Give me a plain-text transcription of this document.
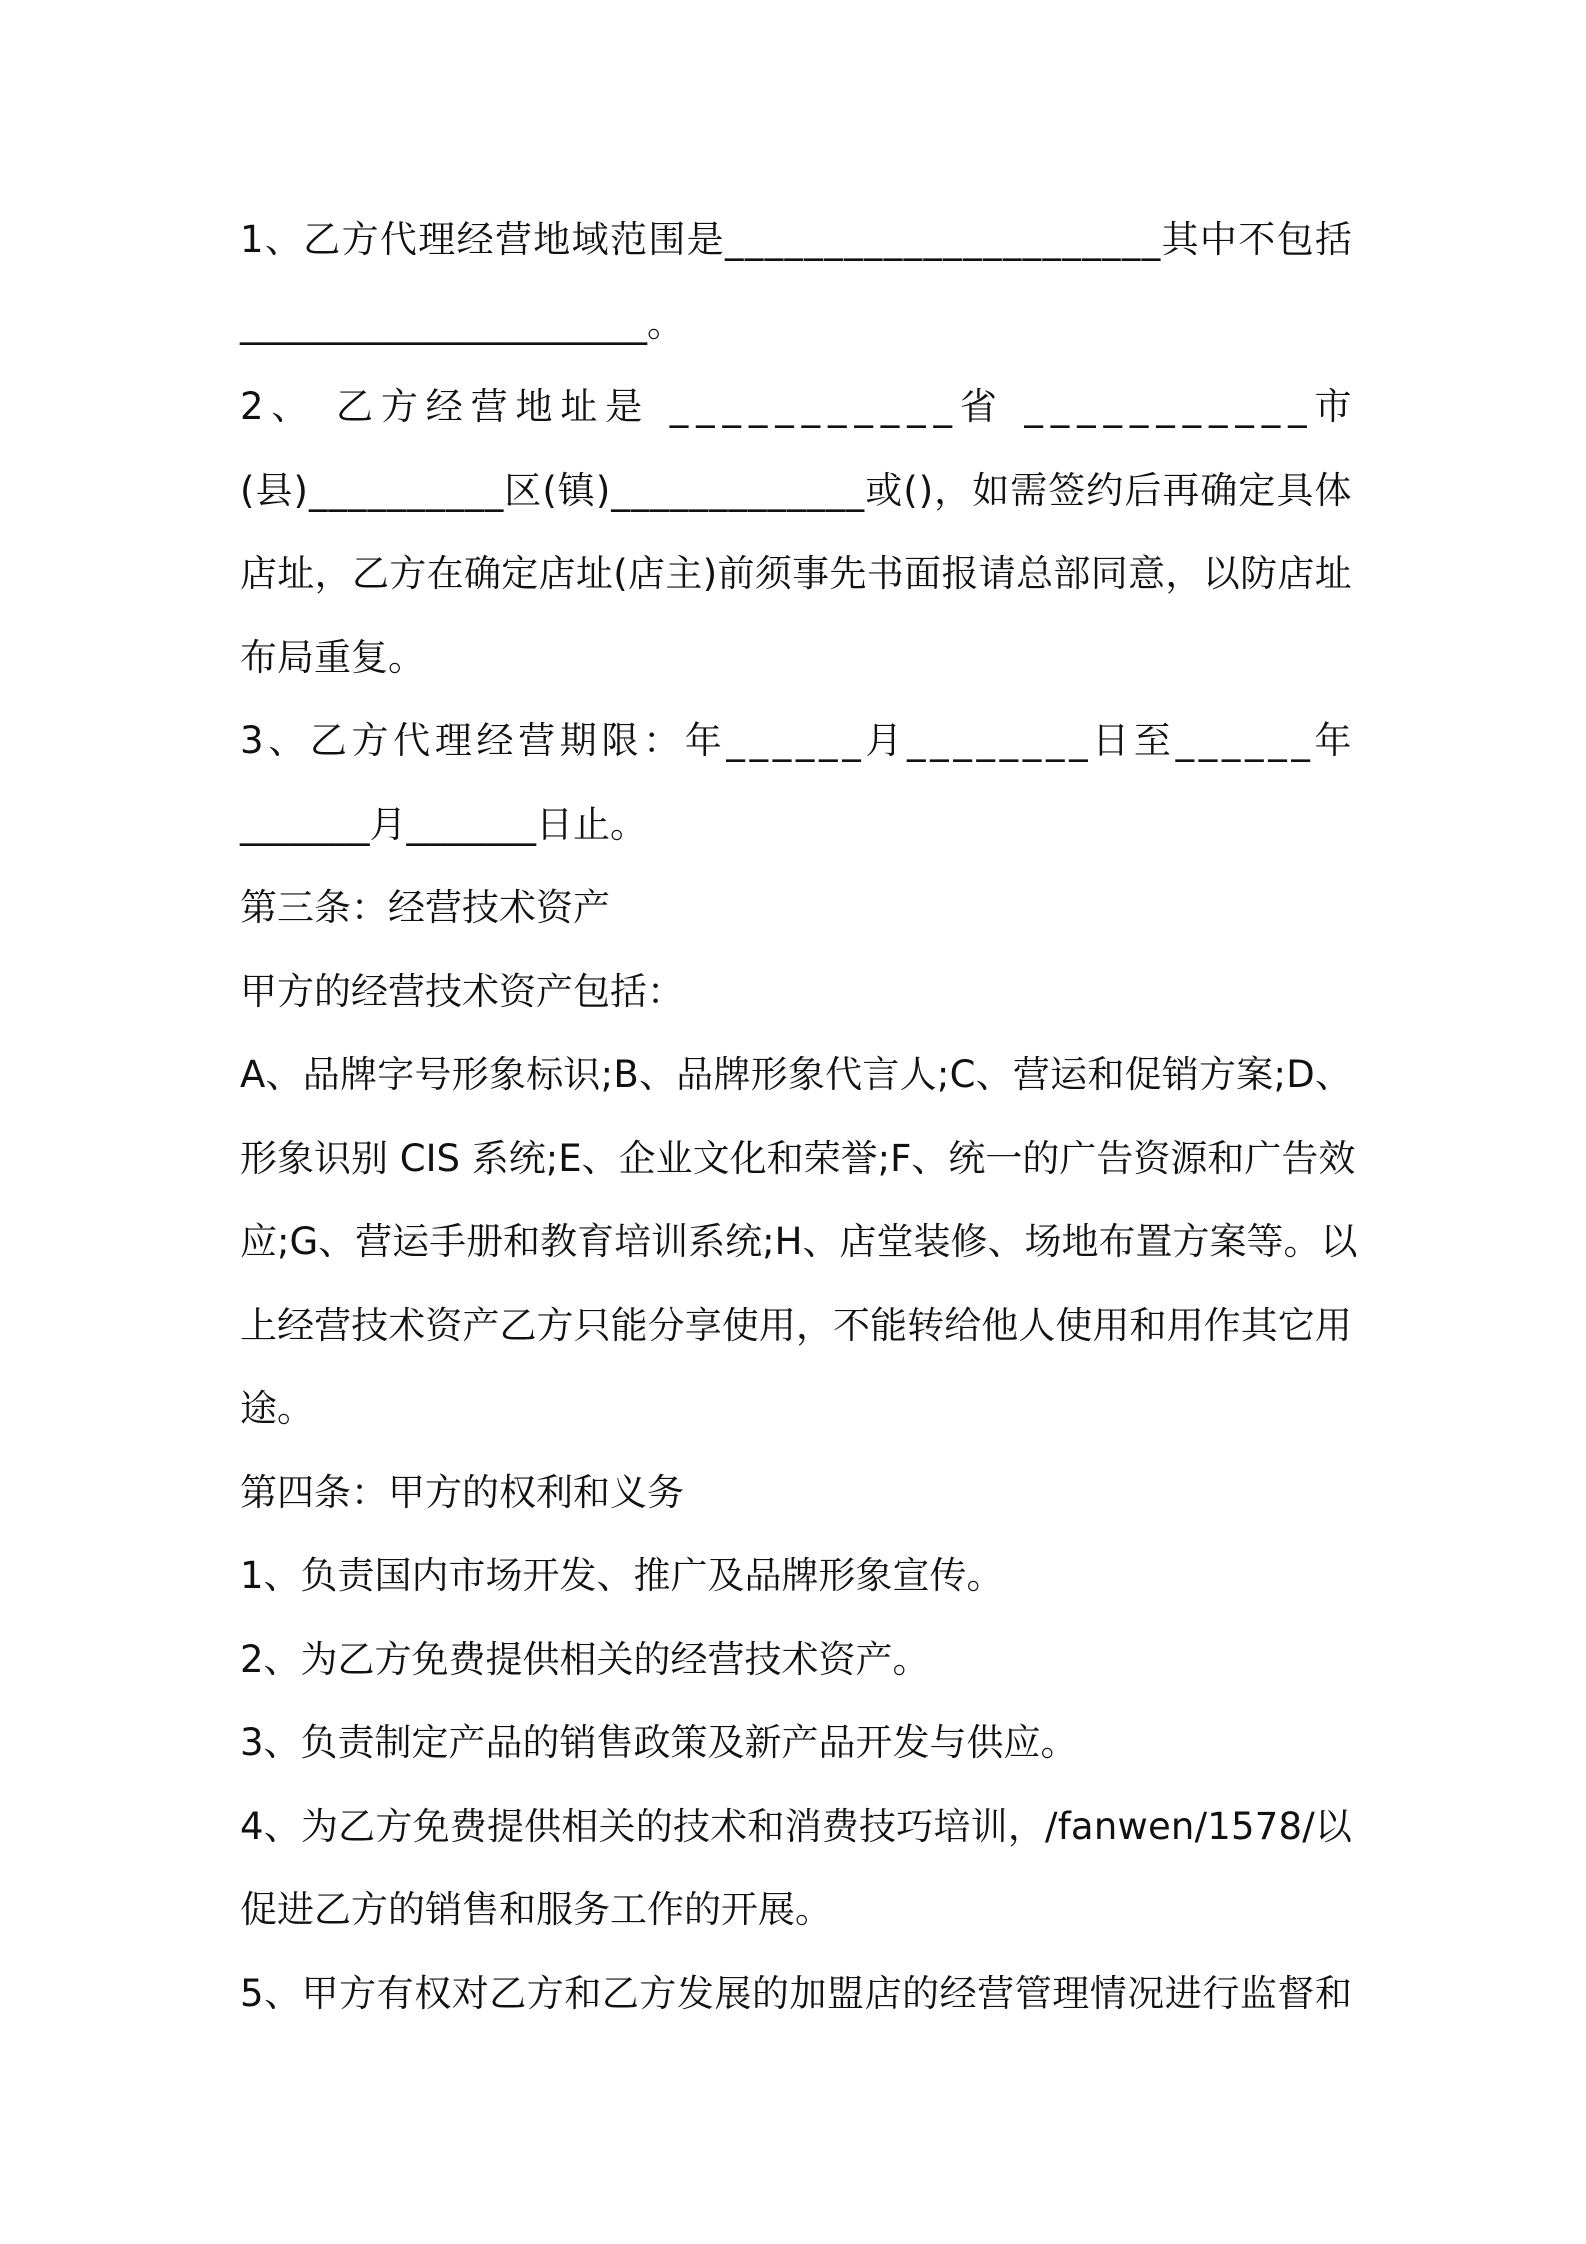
1 、 乙 方 代 理 经 营 地 域 范 围 是 _ _ _ _ _ _ _ _ _ _ _ _ _ _ _ _ _ _ _ _ _ _ 其 中 不 包 括
______________________。
2 、
乙 方 经 营 地 址 是
_ _ _ _ _ _ _ _ _ _ _ 省
_ _ _ _ _ _ _ _ _ _ _ 市
( 县 ) _ _ _ _ _ _ _ _ _ _ 区 ( 镇 ) _ _ _ _ _ _ _ _ _ _ _ _ _ 或 ( ) ， 如 需 签 约 后 再 确 定 具 体
店 址 ， 乙 方 在 确 定 店 址 ( 店 主 ) 前 须 事 先 书 面 报 请 总 部 同 意 ， 以 防 店 址
布局重复。
3 、 乙 方 代 理 经 营 期 限 ： 年 _ _ _ _ _ _ 月 _ _ _ _ _ _ _ _ 日 至 _ _ _ _ _ _ 年
_______月_______日止。
第三条：经营技术资产
甲方的经营技术资产包括：
A 、 品 牌 字 号 形 象 标 识 ; B 、 品 牌 形 象 代 言 人 ; C 、 营 运 和 促 销 方 案 ; D 、
形 象 识 别
C I S
系 统 ; E 、 企 业 文 化 和 荣 誉 ; F 、 统 一 的 广 告 资 源 和 广 告 效
应 ; G 、 营 运 手 册 和 教 育 培 训 系 统 ; H 、 店 堂 装 修 、 场 地 布 置 方 案 等 。 以
上 经 营 技 术 资 产 乙 方 只 能 分 享 使 用 ， 不 能 转 给 他 人 使 用 和 用 作 其 它 用
途。
第四条：甲方的权利和义务
1、负责国内市场开发、推广及品牌形象宣传。
2、为乙方免费提供相关的经营技术资产。
3、负责制定产品的销售政策及新产品开发与供应。
4 、 为 乙 方 免 费 提 供 相 关 的 技 术 和 消 费 技 巧 培 训 ， / f a n w e n / 1 5 7 8 / 以
促进乙方的销售和服务工作的开展。
5 、 甲 方 有 权 对 乙 方 和 乙 方 发 展 的 加 盟 店 的 经 营 管 理 情 况 进 行 监 督 和
